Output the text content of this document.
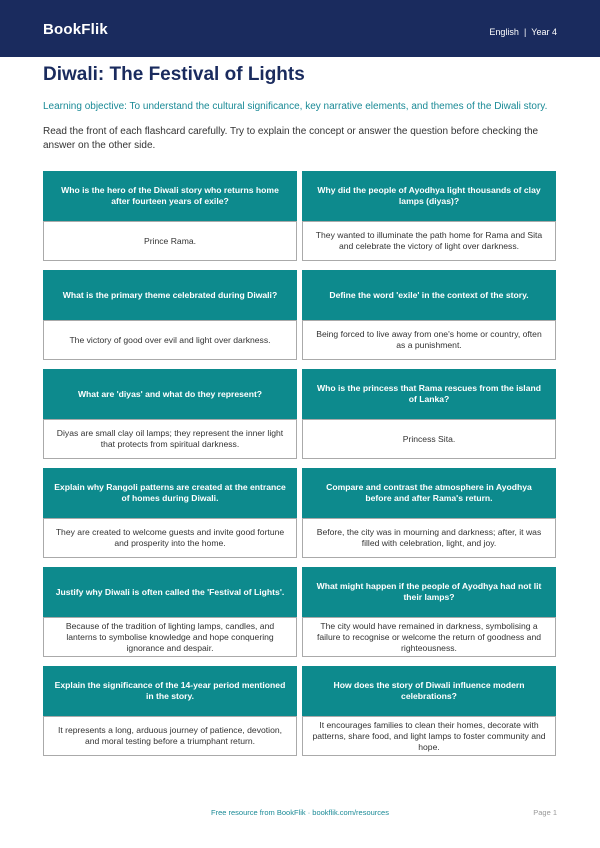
BookFlik	English | Year 4
Diwali: The Festival of Lights
Learning objective: To understand the cultural significance, key narrative elements, and themes of the Diwali story.
Read the front of each flashcard carefully. Try to explain the concept or answer the question before checking the answer on the other side.
Who is the hero of the Diwali story who returns home after fourteen years of exile?
Prince Rama.
Why did the people of Ayodhya light thousands of clay lamps (diyas)?
They wanted to illuminate the path home for Rama and Sita and celebrate the victory of light over darkness.
What is the primary theme celebrated during Diwali?
The victory of good over evil and light over darkness.
Define the word 'exile' in the context of the story.
Being forced to live away from one's home or country, often as a punishment.
What are 'diyas' and what do they represent?
Diyas are small clay oil lamps; they represent the inner light that protects from spiritual darkness.
Who is the princess that Rama rescues from the island of Lanka?
Princess Sita.
Explain why Rangoli patterns are created at the entrance of homes during Diwali.
They are created to welcome guests and invite good fortune and prosperity into the home.
Compare and contrast the atmosphere in Ayodhya before and after Rama's return.
Before, the city was in mourning and darkness; after, it was filled with celebration, light, and joy.
Justify why Diwali is often called the 'Festival of Lights'.
Because of the tradition of lighting lamps, candles, and lanterns to symbolise knowledge and hope conquering ignorance and despair.
What might happen if the people of Ayodhya had not lit their lamps?
The city would have remained in darkness, symbolising a failure to recognise or welcome the return of goodness and righteousness.
Explain the significance of the 14-year period mentioned in the story.
It represents a long, arduous journey of patience, devotion, and moral testing before a triumphant return.
How does the story of Diwali influence modern celebrations?
It encourages families to clean their homes, decorate with patterns, share food, and light lamps to foster community and hope.
Free resource from BookFlik · bookflik.com/resources	Page 1
